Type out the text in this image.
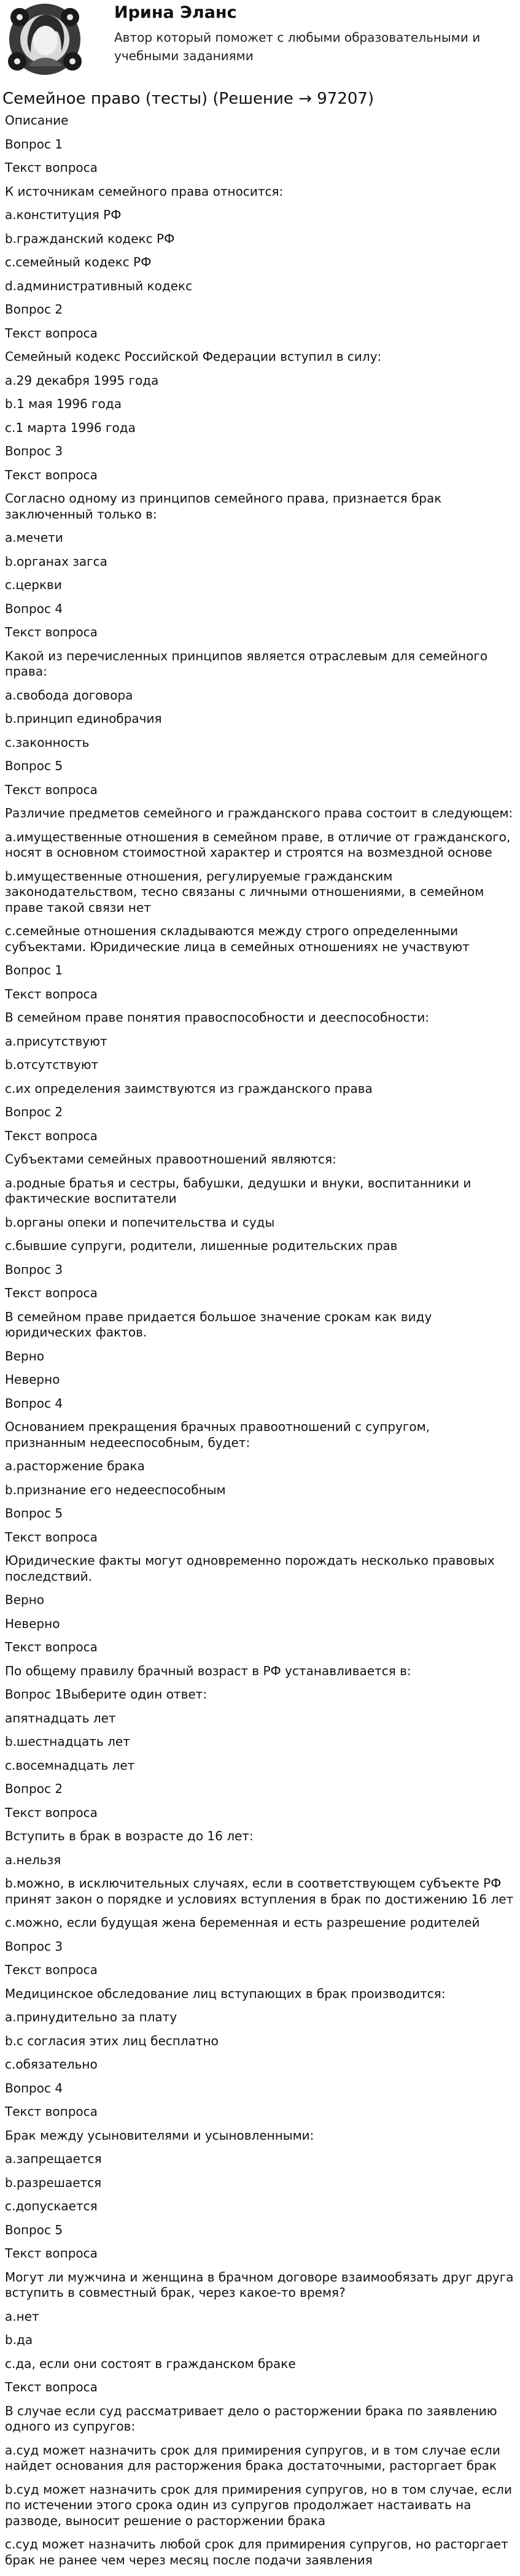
Ирина Эланс

Автор который поможет с любыми образовательными и учебными заданиями

Семейное право (тесты) (Решение → 97207)

Описание

Вопрос 1

Текст вопроса

К источникам семейного права относится:

a.конституция РФ

b.гражданский кодекс РФ

c.семейный кодекс РФ

d.административный кодекс

Вопрос 2

Текст вопроса

Семейный кодекс Российской Федерации вступил в силу:

a.29 декабря 1995 года

b.1 мая 1996 года

c.1 марта 1996 года

Вопрос 3

Текст вопроса

Согласно одному из принципов семейного права, признается брак заключенный только в:

a.мечети

b.органах загса

c.церкви

Вопрос 4

Текст вопроса

Какой из перечисленных принципов является отраслевым для семейного права:

a.свобода договора

b.принцип единобрачия

c.законность

Вопрос 5

Текст вопроса

Различие предметов семейного и гражданского права состоит в следующем:

a.имущественные отношения в семейном праве, в отличие от гражданского, носят в основном стоимостной характер и строятся на возмездной основе

b.имущественные отношения, регулируемые гражданским законодательством, тесно связаны с личными отношениями, в семейном праве такой связи нет

c.семейные отношения складываются между строго определенными субъектами. Юридические лица в семейных отношениях не участвуют

Вопрос 1

Текст вопроса

В семейном праве понятия правоспособности и дееспособности:

a.присутствуют

b.отсутствуют

c.их определения заимствуются из гражданского права

Вопрос 2

Текст вопроса

Субъектами семейных правоотношений являются:

a.родные братья и сестры, бабушки, дедушки и внуки, воспитанники и фактические воспитатели

b.органы опеки и попечительства и суды

c.бывшие супруги, родители, лишенные родительских прав

Вопрос 3

Текст вопроса

В семейном праве придается большое значение срокам как виду юридических фактов.

Верно

Неверно

Вопрос 4

Основанием прекращения брачных правоотношений с супругом, признанным недееспособным, будет:

a.расторжение брака

b.признание его недееспособным

Вопрос 5

Текст вопроса

Юридические факты могут одновременно порождать несколько правовых последствий.

Верно

Неверно

Текст вопроса

По общему правилу брачный возраст в РФ устанавливается в:

Вопрос 1Выберите один ответ:

апятнадцать лет

b.шестнадцать лет

c.восемнадцать лет

Вопрос 2

Текст вопроса

Вступить в брак в возрасте до 16 лет:

a.нельзя

b.можно, в исключительных случаях, если в соответствующем субъекте РФ принят закон о порядке и условиях вступления в брак по достижению 16 лет

c.можно, если будущая жена беременная и есть разрешение родителей

Вопрос 3

Текст вопроса

Медицинское обследование лиц вступающих в брак производится:

a.принудительно за плату

b.с согласия этих лиц бесплатно

c.обязательно

Вопрос 4

Текст вопроса

Брак между усыновителями и усыновленными:

a.запрещается

b.разрешается

c.допускается

Вопрос 5

Текст вопроса

Могут ли мужчина и женщина в брачном договоре взаимообязать друг друга вступить в совместный брак, через какое-то время?

a.нет

b.да

c.да, если они состоят в гражданском браке

Текст вопроса

В случае если суд рассматривает дело о расторжении брака по заявлению одного из супругов:

a.суд может назначить срок для примирения супругов, и в том случае если найдет основания для расторжения брака достаточными, расторгает брак

b.суд может назначить срок для примирения супругов, но в том случае, если по истечении этого срока один из супругов продолжает настаивать на разводе, выносит решение о расторжении брака

c.суд может назначить любой срок для примирения супругов, но расторгает брак не ранее чем через месяц после подачи заявления
